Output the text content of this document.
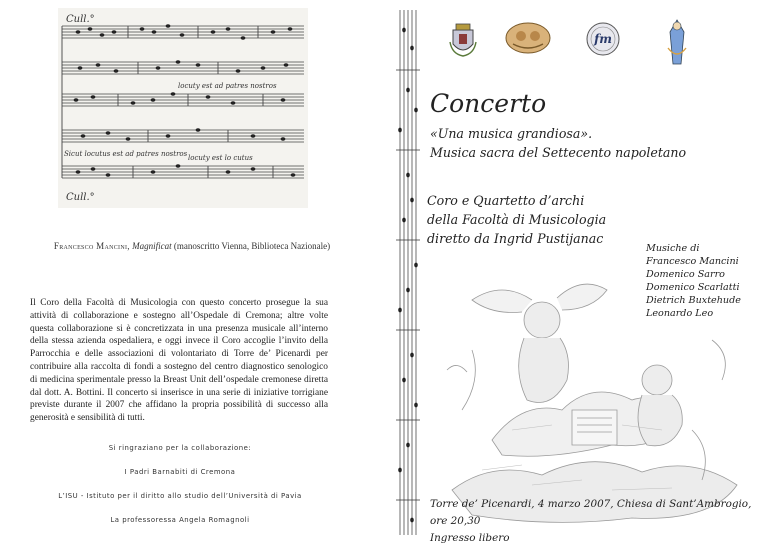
Cull.°
locuty est ad patres nostros
Sicut locutus est ad patres nostros locuty est lo cutus
Cull.°
Francesco Mancini, Magnificat (manoscritto Vienna, Biblioteca Nazionale)

Il Coro della Facoltà di Musicologia con questo concerto prosegue la sua attività di collaborazione e sostegno all’Ospedale di Cremona; altre volte questa collaborazione si è concretizzata in una presenza musicale all’interno della stessa azienda ospedaliera, e oggi invece il Coro accoglie l’invito della Parrocchia e delle associazioni di volontariato di Torre de’ Picenardi per contribuire alla raccolta di fondi a sostegno del centro diagnostico senologico di medicina sperimentale presso la Breast Unit dell’ospedale cremonese diretta dal dott. A. Bottini. Il concerto si inserisce in una serie di iniziative torrigiane previste durante il 2007 che affidano la propria possibilità di successo alla generosità e sensibilità di tutti.

Si ringraziano per la collaborazione:
I Padri Barnabiti di Cremona
L’ISU - Istituto per il diritto allo studio dell’Università di Pavia
La professoressa Angela Romagnoli
fm
Concerto
«Una musica grandiosa».
Musica sacra del Settecento napoletano
Coro e Quartetto d’archi
della Facoltà di Musicologia
diretto da Ingrid Pustijanac
Musiche di
Francesco Mancini
Domenico Sarro
Domenico Scarlatti
Dietrich Buxtehude
Leonardo Leo
Torre de’ Picenardi, 4 marzo 2007, Chiesa di Sant’Ambrogio, ore 20,30
Ingresso libero
